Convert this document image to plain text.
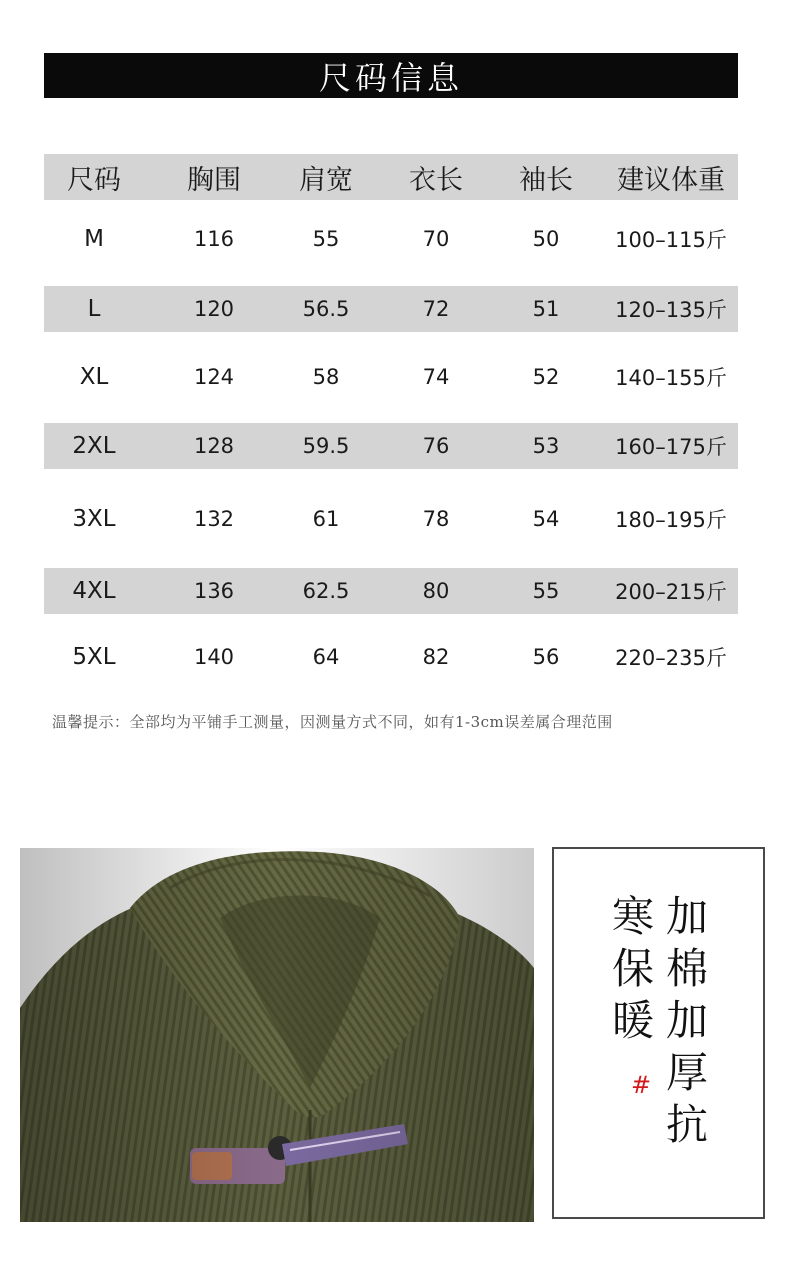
尺码信息
尺码	胸围	肩宽	衣长	袖长	建议体重
M	116	55	70	50	100–115斤
L	120	56.5	72	51	120–135斤
XL	124	58	74	52	140–155斤
2XL	128	59.5	76	53	160–175斤
3XL	132	61	78	54	180–195斤
4XL	136	62.5	80	55	200–215斤
5XL	140	64	82	56	220–235斤
温馨提示：全部均为平铺手工测量，因测量方式不同，如有1-3cm误差属合理范围
寒
保
暖
加
棉
加
厚
抗
#
